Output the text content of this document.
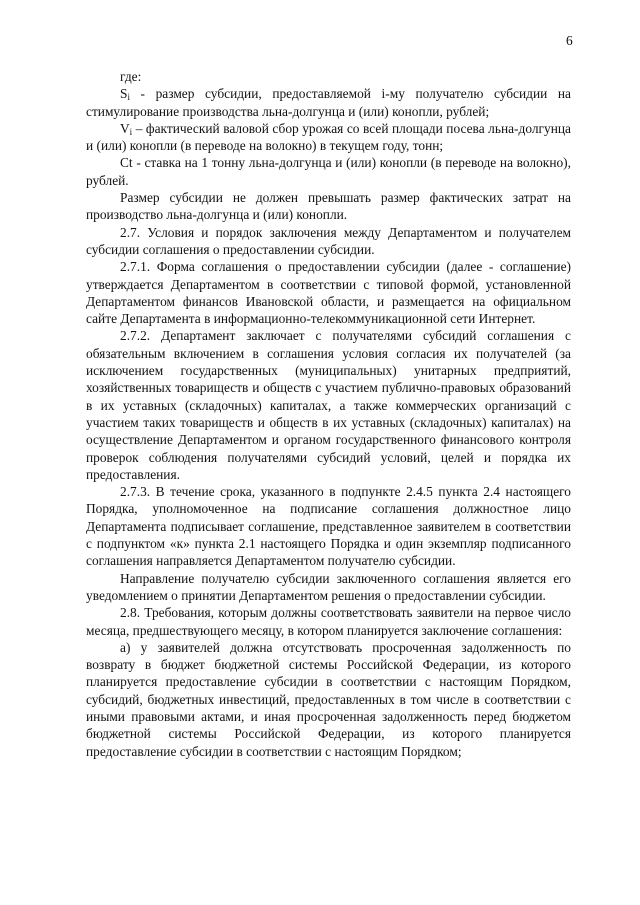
6

где:

$S_i$ - размер субсидии, предоставляемой i-му получателю субсидии на стимулирование производства льна-долгунца и (или) конопли, рублей;

$V_i$ – фактический валовой сбор урожая со всей площади посева льна-долгунца и (или) конопли (в переводе на волокно) в текущем году, тонн;

Ct - ставка на 1 тонну льна-долгунца и (или) конопли (в переводе на волокно), рублей.

Размер субсидии не должен превышать размер фактических затрат на производство льна-долгунца и (или) конопли.

2.7. Условия и порядок заключения между Департаментом и получателем субсидии соглашения о предоставлении субсидии.

2.7.1. Форма соглашения о предоставлении субсидии (далее - соглашение) утверждается Департаментом в соответствии с типовой формой, установленной Департаментом финансов Ивановской области, и размещается на официальном сайте Департамента в информационно-телекоммуникационной сети Интернет.

2.7.2. Департамент заключает с получателями субсидий соглашения с обязательным включением в соглашения условия согласия их получателей (за исключением государственных (муниципальных) унитарных предприятий, хозяйственных товариществ и обществ с участием публично-правовых образований в их уставных (складочных) капиталах, а также коммерческих организаций с участием таких товариществ и обществ в их уставных (складочных) капиталах) на осуществление Департаментом и органом государственного финансового контроля проверок соблюдения получателями субсидий условий, целей и порядка их предоставления.

2.7.3. В течение срока, указанного в подпункте 2.4.5 пункта 2.4 настоящего Порядка, уполномоченное на подписание соглашения должностное лицо Департамента подписывает соглашение, представленное заявителем в соответствии с подпунктом «к» пункта 2.1 настоящего Порядка и один экземпляр подписанного соглашения направляется Департаментом получателю субсидии.

Направление получателю субсидии заключенного соглашения является его уведомлением о принятии Департаментом решения о предоставлении субсидии.

2.8. Требования, которым должны соответствовать заявители на первое число месяца, предшествующего месяцу, в котором планируется заключение соглашения:

а) у заявителей должна отсутствовать просроченная задолженность по возврату в бюджет бюджетной системы Российской Федерации, из которого планируется предоставление субсидии в соответствии с настоящим Порядком, субсидий, бюджетных инвестиций, предоставленных в том числе в соответствии с иными правовыми актами, и иная просроченная задолженность перед бюджетом бюджетной системы Российской Федерации, из которого планируется предоставление субсидии в соответствии с настоящим Порядком;
